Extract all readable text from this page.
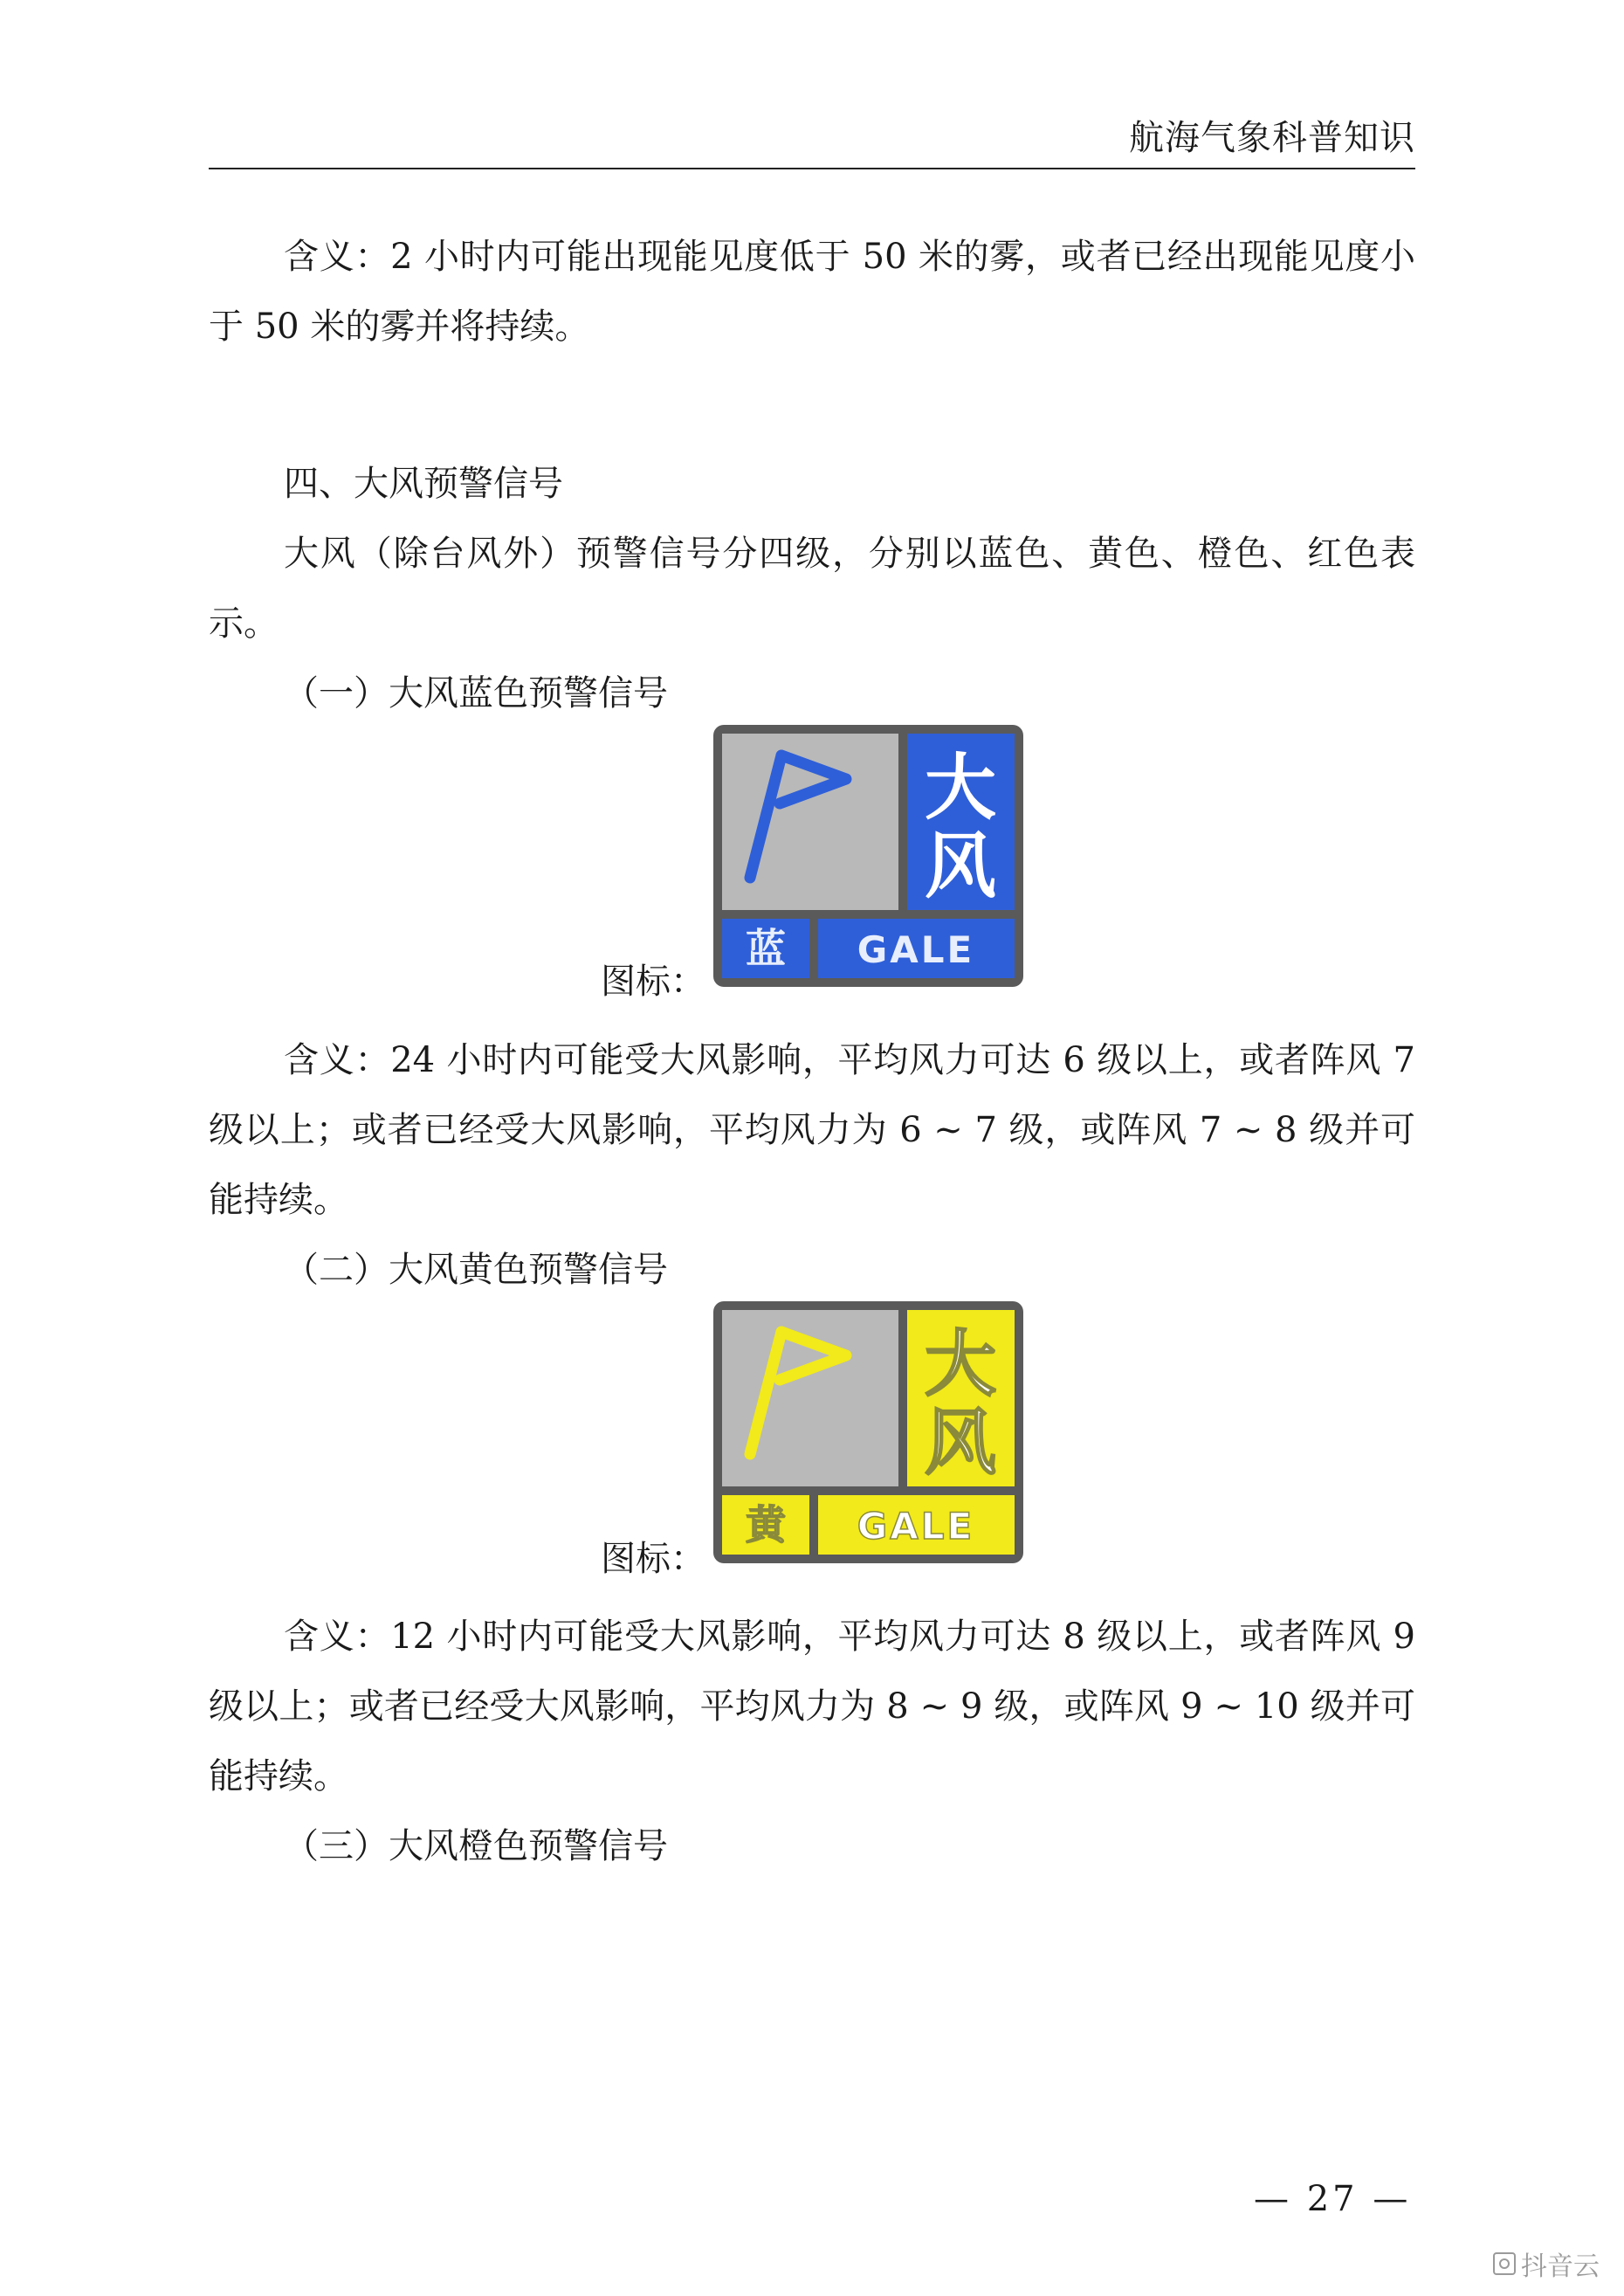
航海气象科普知识

含义：2 小时内可能出现能见度低于 50 米的雾，或者已经出现能见度小于 50 米的雾并将持续。

四、大风预警信号

大风（除台风外）预警信号分四级，分别以蓝色、黄色、橙色、红色表示。

（一）大风蓝色预警信号

大
风
蓝 GALE

图标：

含义：24 小时内可能受大风影响，平均风力可达 6 级以上，或者阵风 7 级以上；或者已经受大风影响，平均风力为 6 ~ 7 级，或阵风 7 ~ 8 级并可能持续。

（二）大风黄色预警信号

大
风
黄 GALE

图标：

含义：12 小时内可能受大风影响，平均风力可达 8 级以上，或者阵风 9 级以上；或者已经受大风影响，平均风力为 8 ~ 9 级，或阵风 9 ~ 10 级并可能持续。

（三）大风橙色预警信号

— 27 —
抖音云
